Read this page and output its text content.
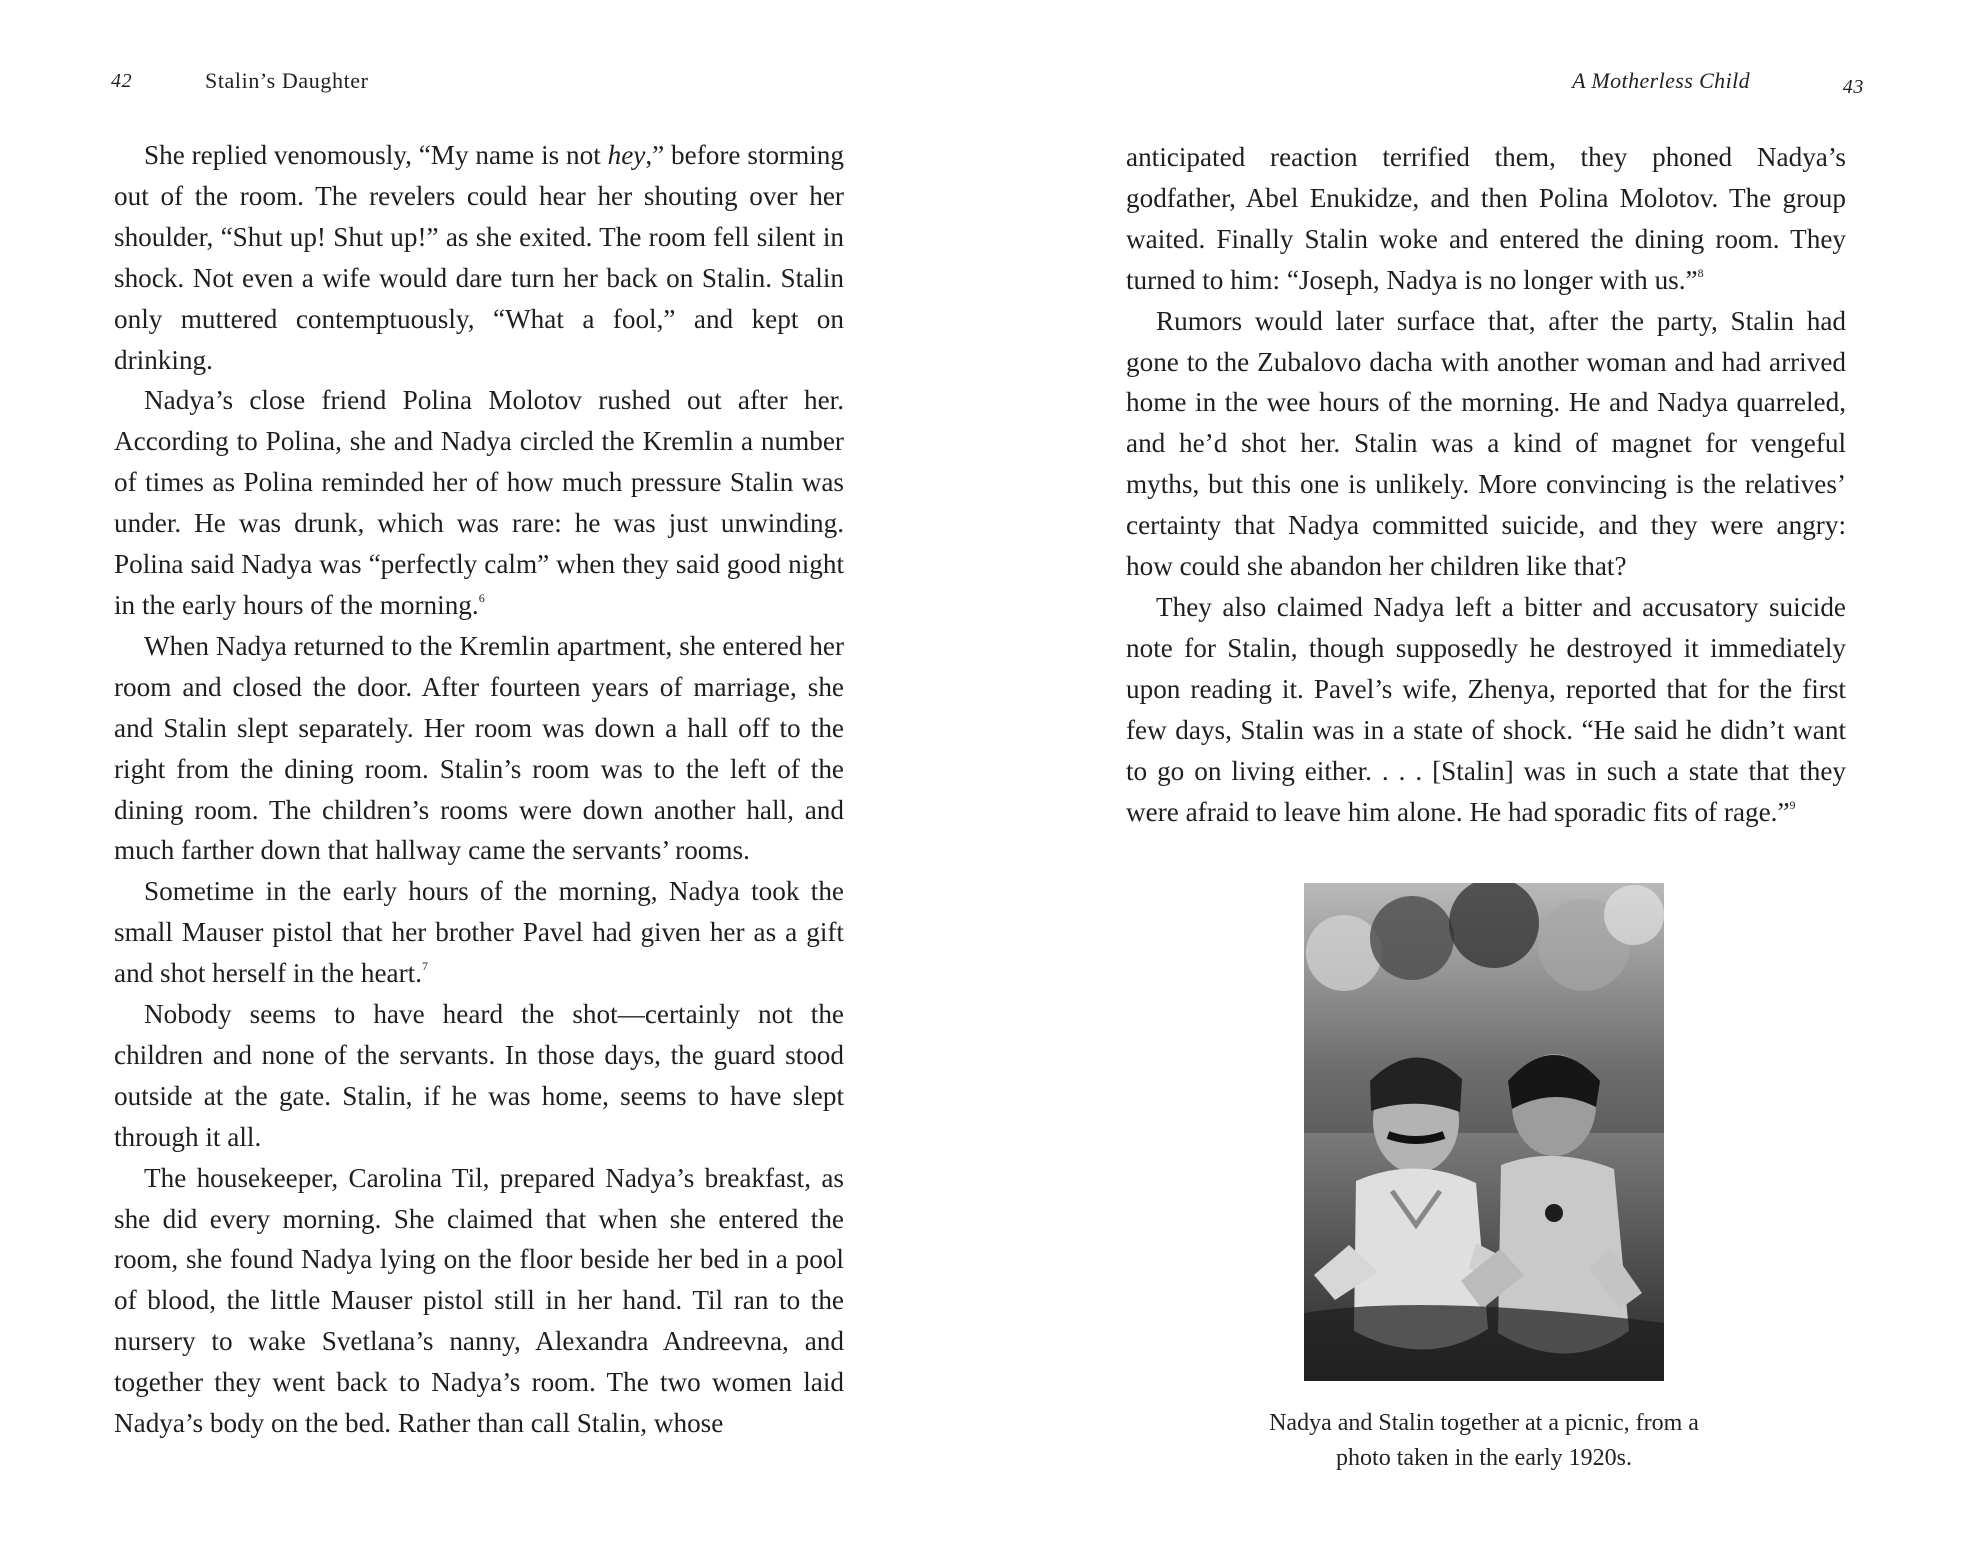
42	Stalin’s Daughter

She replied venomously, “My name is not hey,” before storming out of the room. The revelers could hear her shouting over her shoulder, “Shut up! Shut up!” as she exited. The room fell silent in shock. Not even a wife would dare turn her back on Stalin. Stalin only muttered contemptuously, “What a fool,” and kept on drinking.

Nadya’s close friend Polina Molotov rushed out after her. According to Polina, she and Nadya circled the Kremlin a number of times as Polina reminded her of how much pressure Stalin was under. He was drunk, which was rare: he was just unwinding. Polina said Nadya was “perfectly calm” when they said good night in the early hours of the morning.$^6$

When Nadya returned to the Kremlin apartment, she entered her room and closed the door. After fourteen years of marriage, she and Stalin slept separately. Her room was down a hall off to the right from the dining room. Stalin’s room was to the left of the dining room. The children’s rooms were down another hall, and much farther down that hallway came the servants’ rooms.

Sometime in the early hours of the morning, Nadya took the small Mauser pistol that her brother Pavel had given her as a gift and shot herself in the heart.$^7$

Nobody seems to have heard the shot—certainly not the children and none of the servants. In those days, the guard stood outside at the gate. Stalin, if he was home, seems to have slept through it all.

The housekeeper, Carolina Til, prepared Nadya’s breakfast, as she did every morning. She claimed that when she entered the room, she found Nadya lying on the floor beside her bed in a pool of blood, the little Mauser pistol still in her hand. Til ran to the nursery to wake Svetlana’s nanny, Alexandra Andreevna, and together they went back to Nadya’s room. The two women laid Nadya’s body on the bed. Rather than call Stalin, whose

A Motherless Child	43

anticipated reaction terrified them, they phoned Nadya’s godfather, Abel Enukidze, and then Polina Molotov. The group waited. Finally Stalin woke and entered the dining room. They turned to him: “Joseph, Nadya is no longer with us.”$^8$

Rumors would later surface that, after the party, Stalin had gone to the Zubalovo dacha with another woman and had arrived home in the wee hours of the morning. He and Nadya quarreled, and he’d shot her. Stalin was a kind of magnet for vengeful myths, but this one is unlikely. More convincing is the relatives’ certainty that Nadya committed suicide, and they were angry: how could she abandon her children like that?

They also claimed Nadya left a bitter and accusatory suicide note for Stalin, though supposedly he destroyed it immediately upon reading it. Pavel’s wife, Zhenya, reported that for the first few days, Stalin was in a state of shock. “He said he didn’t want to go on living either. . . . [Stalin] was in such a state that they were afraid to leave him alone. He had sporadic fits of rage.”$^9$

Nadya and Stalin together at a picnic, from a
photo taken in the early 1920s.
